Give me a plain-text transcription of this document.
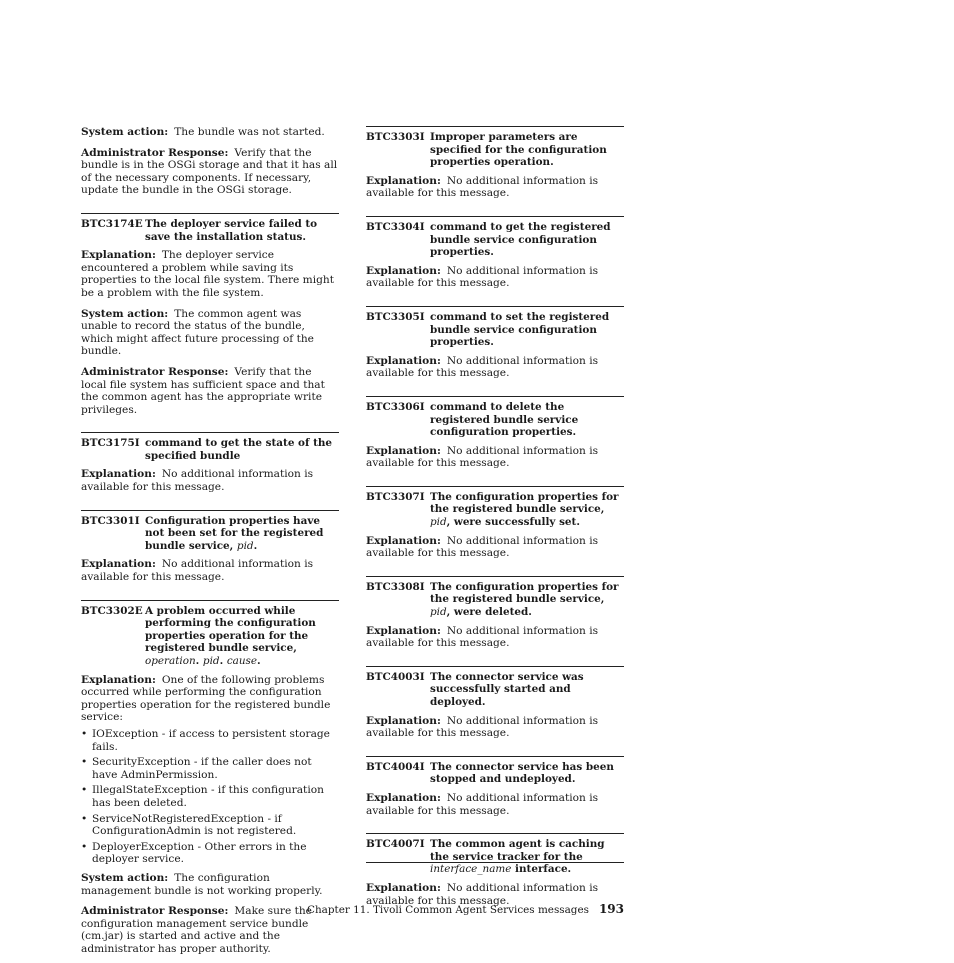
System action: The bundle was not started.

Administrator Response: Verify that the bundle is in the OSGi storage and that it has all of the necessary components. If necessary, update the bundle in the OSGi storage.

BTC3174E The deployer service failed to save the installation status.

Explanation: The deployer service encountered a problem while saving its properties to the local file system. There might be a problem with the file system.

System action: The common agent was unable to record the status of the bundle, which might affect future processing of the bundle.

Administrator Response: Verify that the local file system has sufficient space and that the common agent has the appropriate write privileges.

BTC3175I command to get the state of the specified bundle

Explanation: No additional information is available for this message.

BTC3301I Configuration properties have not been set for the registered bundle service, pid.

Explanation: No additional information is available for this message.

BTC3302E A problem occurred while performing the configuration properties operation for the registered bundle service, operation. pid. cause.

Explanation: One of the following problems occurred while performing the configuration properties operation for the registered bundle service:

• IOException - if access to persistent storage fails.
• SecurityException - if the caller does not have AdminPermission.
• IllegalStateException - if this configuration has been deleted.
• ServiceNotRegisteredException - if ConfigurationAdmin is not registered.
• DeployerException - Other errors in the deployer service.

System action: The configuration management bundle is not working properly.

Administrator Response: Make sure the configuration management service bundle (cm.jar) is started and active and the administrator has proper authority.

BTC3303I Improper parameters are specified for the configuration properties operation.

Explanation: No additional information is available for this message.

BTC3304I command to get the registered bundle service configuration properties.

Explanation: No additional information is available for this message.

BTC3305I command to set the registered bundle service configuration properties.

Explanation: No additional information is available for this message.

BTC3306I command to delete the registered bundle service configuration properties.

Explanation: No additional information is available for this message.

BTC3307I The configuration properties for the registered bundle service, pid, were successfully set.

Explanation: No additional information is available for this message.

BTC3308I The configuration properties for the registered bundle service, pid, were deleted.

Explanation: No additional information is available for this message.

BTC4003I The connector service was successfully started and deployed.

Explanation: No additional information is available for this message.

BTC4004I The connector service has been stopped and undeployed.

Explanation: No additional information is available for this message.

BTC4007I The common agent is caching the service tracker for the interface_name interface.

Explanation: No additional information is available for this message.

Chapter 11. Tivoli Common Agent Services messages 193
